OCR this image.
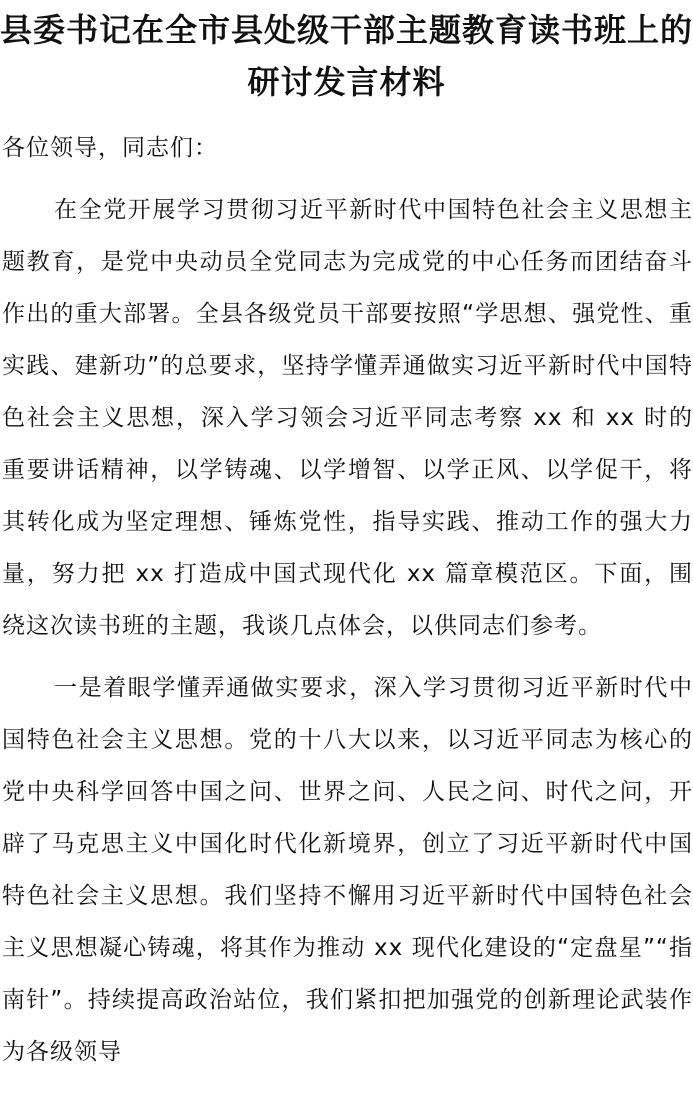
县委书记在全市县处级干部主题教育读书班上的研讨发言材料
各位领导，同志们：

在全党开展学习贯彻习近平新时代中国特色社会主义思想主题教育，是党中央动员全党同志为完成党的中心任务而团结奋斗作出的重大部署。全县各级党员干部要按照“学思想、强党性、重实践、建新功”的总要求，坚持学懂弄通做实习近平新时代中国特色社会主义思想，深入学习领会习近平同志考察 xx 和 xx 时的重要讲话精神，以学铸魂、以学增智、以学正风、以学促干，将其转化成为坚定理想、锤炼党性，指导实践、推动工作的强大力量，努力把 xx 打造成中国式现代化 xx 篇章模范区。下面，围绕这次读书班的主题，我谈几点体会，以供同志们参考。

一是着眼学懂弄通做实要求，深入学习贯彻习近平新时代中国特色社会主义思想。党的十八大以来，以习近平同志为核心的党中央科学回答中国之问、世界之问、人民之问、时代之问，开辟了马克思主义中国化时代化新境界，创立了习近平新时代中国特色社会主义思想。我们坚持不懈用习近平新时代中国特色社会主义思想凝心铸魂，将其作为推动 xx 现代化建设的“定盘星”“指南针”。持续提高政治站位，我们紧扣把加强党的创新理论武装作为各级领导
